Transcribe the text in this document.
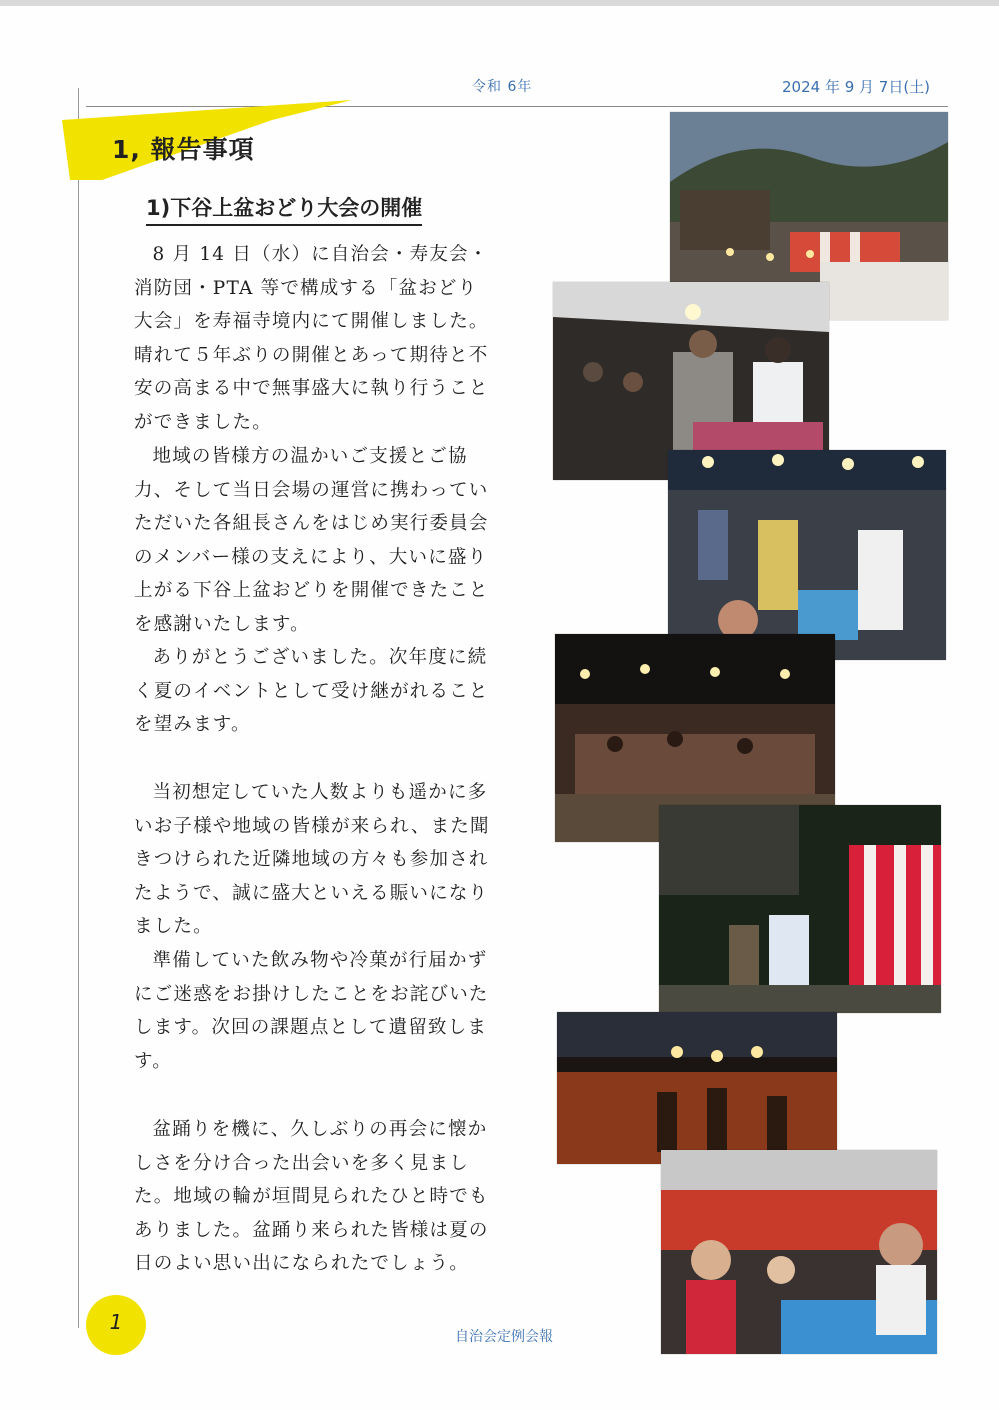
令和 6年	2024 年 9 月 7日(土)
1, 報告事項
1)下谷上盆おどり大会の開催

8 月 14 日（水）に自治会・寿友会・消防団・PTA 等で構成する「盆おどり大会」を寿福寺境内にて開催しました。晴れて５年ぶりの開催とあって期待と不安の高まる中で無事盛大に執り行うことができました。

地域の皆様方の温かいご支援とご協力、そして当日会場の運営に携わっていただいた各組長さんをはじめ実行委員会のメンバー様の支えにより、大いに盛り上がる下谷上盆おどりを開催できたことを感謝いたします。

ありがとうございました。次年度に続く夏のイベントとして受け継がれることを望みます。

当初想定していた人数よりも遥かに多いお子様や地域の皆様が来られ、また聞きつけられた近隣地域の方々も参加されたようで、誠に盛大といえる賑いになりました。

準備していた飲み物や冷菓が行届かずにご迷惑をお掛けしたことをお詫びいたします。次回の課題点として遺留致します。

盆踊りを機に、久しぶりの再会に懐かしさを分け合った出会いを多く見ました。地域の輪が垣間見られたひと時でもありました。盆踊り来られた皆様は夏の日のよい思い出になられたでしょう。

1
自治会定例会報
